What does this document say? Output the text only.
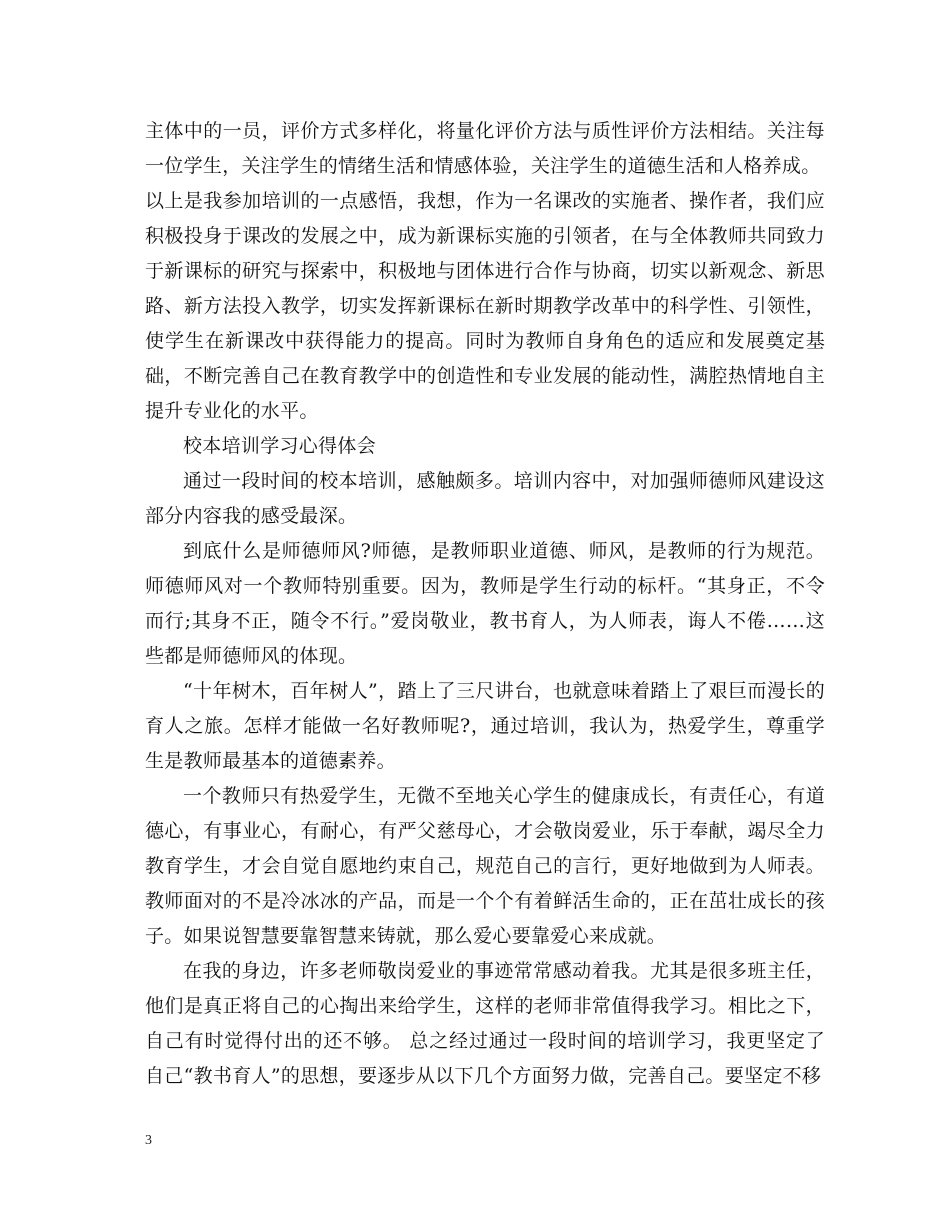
主体中的一员，评价方式多样化，将量化评价方法与质性评价方法相结。关注每一位学生，关注学生的情绪生活和情感体验，关注学生的道德生活和人格养成。

以上是我参加培训的一点感悟，我想，作为一名课改的实施者、操作者，我们应积极投身于课改的发展之中，成为新课标实施的引领者，在与全体教师共同致力于新课标的研究与探索中，积极地与团体进行合作与协商，切实以新观念、新思路、新方法投入教学，切实发挥新课标在新时期教学改革中的科学性、引领性，使学生在新课改中获得能力的提高。同时为教师自身角色的适应和发展奠定基础，不断完善自己在教育教学中的创造性和专业发展的能动性，满腔热情地自主提升专业化的水平。

校本培训学习心得体会

通过一段时间的校本培训，感触颇多。培训内容中，对加强师德师风建设这部分内容我的感受最深。

到底什么是师德师风?师德，是教师职业道德、师风，是教师的行为规范。师德师风对一个教师特别重要。因为，教师是学生行动的标杆。“其身正，不令而行;其身不正，随令不行。”爱岗敬业，教书育人，为人师表，诲人不倦……这些都是师德师风的体现。

“十年树木，百年树人”，踏上了三尺讲台，也就意味着踏上了艰巨而漫长的育人之旅。怎样才能做一名好教师呢?，通过培训，我认为，热爱学生，尊重学生是教师最基本的道德素养。

一个教师只有热爱学生，无微不至地关心学生的健康成长，有责任心，有道德心，有事业心，有耐心，有严父慈母心，才会敬岗爱业，乐于奉献，竭尽全力教育学生，才会自觉自愿地约束自己，规范自己的言行，更好地做到为人师表。教师面对的不是冷冰冰的产品，而是一个个有着鲜活生命的，正在茁壮成长的孩子。如果说智慧要靠智慧来铸就，那么爱心要靠爱心来成就。

在我的身边，许多老师敬岗爱业的事迹常常感动着我。尤其是很多班主任，他们是真正将自己的心掏出来给学生，这样的老师非常值得我学习。相比之下，自己有时觉得付出的还不够。 总之经过通过一段时间的培训学习，我更坚定了自己“教书育人”的思想，要逐步从以下几个方面努力做，完善自己。要坚定不移

3
